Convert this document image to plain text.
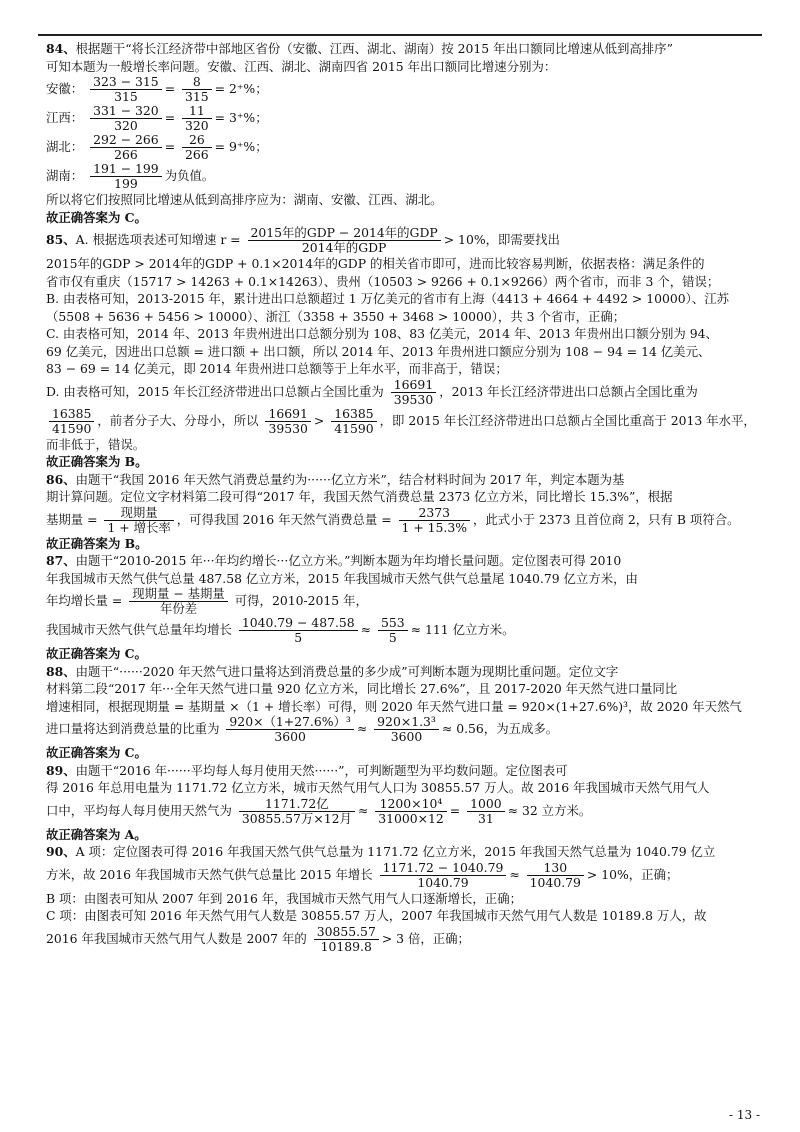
84、根据题干“将长江经济带中部地区省份（安徽、江西、湖北、湖南）按 2015 年出口额同比增速从低到高排序”
可知本题为一般增长率问题。安徽、江西、湖北、湖南四省 2015 年出口额同比增速分别为：
安徽： $\frac{323 - 315}{315} = \frac{8}{315} = 2^+\%$；
江西： $\frac{331 - 320}{320} = \frac{11}{320} = 3^+\%$；
湖北： $\frac{292 - 266}{266} = \frac{26}{266} = 9^+\%$；
湖南： $\frac{191 - 199}{199}$ 为负值。
所以将它们按照同比增速从低到高排序应为：湖南、安徽、江西、湖北。
故正确答案为 C。
85、A. 根据选项表述可知增速 $r = \frac{\text{2015年的GDP − 2014年的GDP}}{\text{2014年的GDP}} > 10\%$，即需要找出
2015年的GDP > 2014年的GDP + 0.1×2014年的GDP 的相关省市即可，进而比较容易判断，依据表格：满足条件的
省市仅有重庆（15717 > 14263 + 0.1×14263）、贵州（10503 > 9266 + 0.1×9266）两个省市，而非 3 个，错误；
B. 由表格可知，2013-2015 年，累计进出口总额超过 1 万亿美元的省市有上海（4413 + 4664 + 4492 > 10000）、江苏
（5508 + 5636 + 5456 > 10000）、浙江（3358 + 3550 + 3468 > 10000），共 3 个省市，正确；
C. 由表格可知，2014 年、2013 年贵州进出口总额分别为 108、83 亿美元，2014 年、2013 年贵州出口额分别为 94、
69 亿美元，因进出口总额 = 进口额 + 出口额，所以 2014 年、2013 年贵州进口额应分别为 108 − 94 = 14 亿美元、
83 − 69 = 14 亿美元，即 2014 年贵州进口总额等于上年水平，而非高于，错误；
D. 由表格可知，2015 年长江经济带进出口总额占全国比重为 $\frac{16691}{39530}$ ，2013 年长江经济带进出口总额占全国比重为
$\frac{16385}{41590}$ ，前者分子大、分母小，所以 $\frac{16691}{39530} > \frac{16385}{41590}$ ，即 2015 年长江经济带进出口总额占全国比重高于 2013 年水平，
而非低于，错误。
故正确答案为 B。
86、由题干“我国 2016 年天然气消费总量约为······亿立方米”，结合材料时间为 2017 年，判定本题为基
期计算问题。定位文字材料第二段可得“2017 年，我国天然气消费总量 2373 亿立方米，同比增长 15.3%”，根据
基期量 = $\frac{\text{现期量}}{\text{1 + 增长率}}$ ，可得我国 2016 年天然气消费总量 = $\frac{2373}{1 + 15.3\%}$ ，此式小于 2373 且首位商 2，只有 B 项符合。
故正确答案为 B。
87、由题干“2010-2015 年···年均约增长···亿立方米。”判断本题为年均增长量问题。定位图表可得 2010
年我国城市天然气供气总量 487.58 亿立方米，2015 年我国城市天然气供气总量尾 1040.79 亿立方米，由
年均增长量 = $\frac{\text{现期量 − 基期量}}{\text{年份差}}$ 可得，2010-2015 年，
我国城市天然气供气总量年均增长 $\frac{1040.79 - 487.58}{5} \approx \frac{553}{5} \approx 111$ 亿立方米。
故正确答案为 C。
88、由题干“······2020 年天然气进口量将达到消费总量的多少成”可判断本题为现期比重问题。定位文字
材料第二段“2017 年···全年天然气进口量 920 亿立方米，同比增长 27.6%”，且 2017-2020 年天然气进口量同比
增速相同，根据现期量 = 基期量 ×（1 + 增长率）可得，则 2020 年天然气进口量 = 920×(1+27.6%)³，故 2020 年天然气
进口量将达到消费总量的比重为 $\frac{\text{920×（1+27.6\%）³}}{3600} \approx \frac{\text{920×1.3³}}{3600} \approx 0.56$，为五成多。
故正确答案为 C。
89、由题干“2016 年······平均每人每月使用天然······”，可判断题型为平均数问题。定位图表可
得 2016 年总用电量为 1171.72 亿立方米，城市天然气用气人口为 30855.57 万人。故 2016 年我国城市天然气用气人
口中，平均每人每月使用天然气为 $\frac{\text{1171.72亿}}{\text{30855.57万×12月}} \approx \frac{\text{1200×10⁴}}{31000\times 12} = \frac{1000}{31} \approx 32$ 立方米。
故正确答案为 A。
90、A 项：定位图表可得 2016 年我国天然气供气总量为 1171.72 亿立方米，2015 年我国天然气总量为 1040.79 亿立
方米，故 2016 年我国城市天然气供气总量比 2015 年增长 $\frac{1171.72 - 1040.79}{1040.79} \approx \frac{130}{1040.79} > 10\%$，正确；
B 项：由图表可知从 2007 年到 2016 年，我国城市天然气用气人口逐渐增长，正确；
C 项：由图表可知 2016 年天然气用气人数是 30855.57 万人，2007 年我国城市天然气用气人数是 10189.8 万人，故
2016 年我国城市天然气用气人数是 2007 年的 $\frac{30855.57}{10189.8} > 3$ 倍，正确；
- 13 -
